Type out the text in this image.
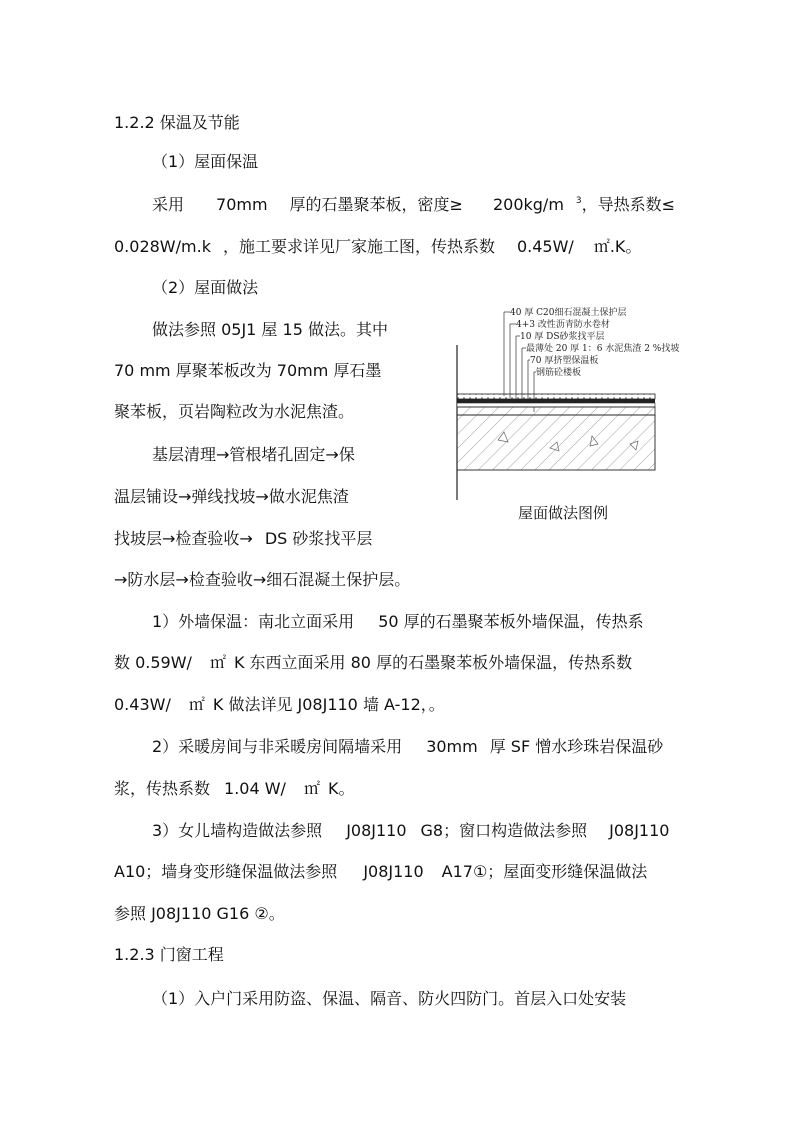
1.2.2 保温及节能
（1）屋面保温
采用 70mm 厚的石墨聚苯板，密度≥ 200kg/m $^3$，导热系数≤
0.028W/m.k ，施工要求详见厂家施工图，传热系数 0.45W/ ㎡.K。
（2）屋面做法
做法参照 05J1 屋 15 做法。其中
70 mm 厚聚苯板改为 70mm 厚石墨
聚苯板，页岩陶粒改为水泥焦渣。
基层清理→管根堵孔固定→保
温层铺设→弹线找坡→做水泥焦渣
找坡层→检查验收→ DS 砂浆找平层
→防水层→检查验收→细石混凝土保护层。
1）外墙保温：南北立面采用 50 厚的石墨聚苯板外墙保温，传热系
数 0.59W/ ㎡ K 东西立面采用 80 厚的石墨聚苯板外墙保温，传热系数
0.43W/ ㎡ K 做法详见 J08J110 墙 A-12，。
2）采暖房间与非采暖房间隔墙采用 30mm 厚 SF 憎水珍珠岩保温砂
浆，传热系数 1.04 W/ ㎡ K。
3）女儿墙构造做法参照 J08J110 G8；窗口构造做法参照 J08J110
A10；墙身变形缝保温做法参照 J08J110 A17①；屋面变形缝保温做法
参照 J08J110 G16 ②。
1.2.3 门窗工程
（1）入户门采用防盗、保温、隔音、防火四防门。首层入口处安装
40 厚 C20细石混凝土保护层
4+3 改性沥青防水卷材
10 厚 DS砂浆找平层
最薄处 20 厚 1：6 水泥焦渣 2 %找坡
70 厚挤塑保温板
钢筋砼楼板
屋面做法图例
